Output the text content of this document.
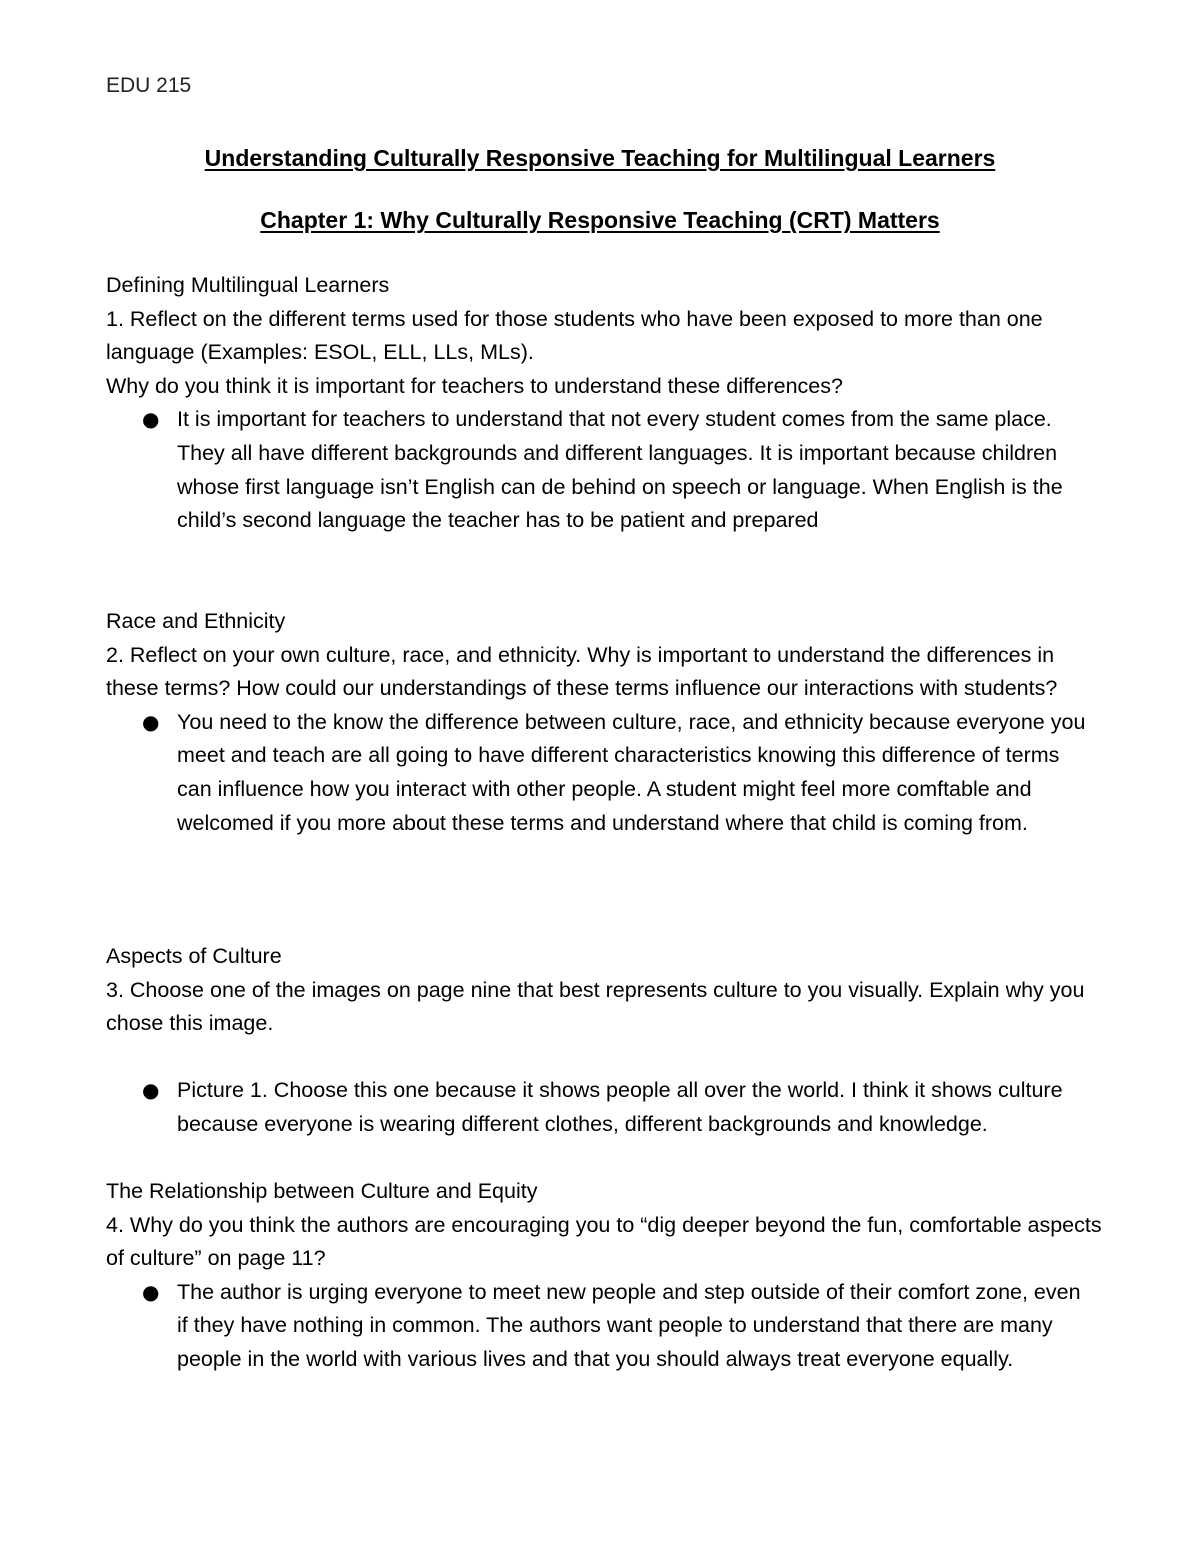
EDU 215
Understanding Culturally Responsive Teaching for Multilingual Learners
Chapter 1: Why Culturally Responsive Teaching (CRT) Matters

Defining Multilingual Learners

1. Reflect on the different terms used for those students who have been exposed to more than one language (Examples: ESOL, ELL, LLs, MLs).

Why do you think it is important for teachers to understand these differences?

● It is important for teachers to understand that not every student comes from the same place. They all have different backgrounds and different languages. It is important because children whose first language isn’t English can de behind on speech or language. When English is the child’s second language the teacher has to be patient and prepared

Race and Ethnicity

2. Reflect on your own culture, race, and ethnicity. Why is important to understand the differences in these terms? How could our understandings of these terms influence our interactions with students?

● You need to the know the difference between culture, race, and ethnicity because everyone you meet and teach are all going to have different characteristics knowing this difference of terms can influence how you interact with other people. A student might feel more comftable and welcomed if you more about these terms and understand where that child is coming from.

Aspects of Culture

3. Choose one of the images on page nine that best represents culture to you visually. Explain why you chose this image.

● Picture 1. Choose this one because it shows people all over the world. I think it shows culture because everyone is wearing different clothes, different backgrounds and knowledge.

The Relationship between Culture and Equity

4. Why do you think the authors are encouraging you to “dig deeper beyond the fun, comfortable aspects of culture” on page 11?

● The author is urging everyone to meet new people and step outside of their comfort zone, even if they have nothing in common. The authors want people to understand that there are many people in the world with various lives and that you should always treat everyone equally.
